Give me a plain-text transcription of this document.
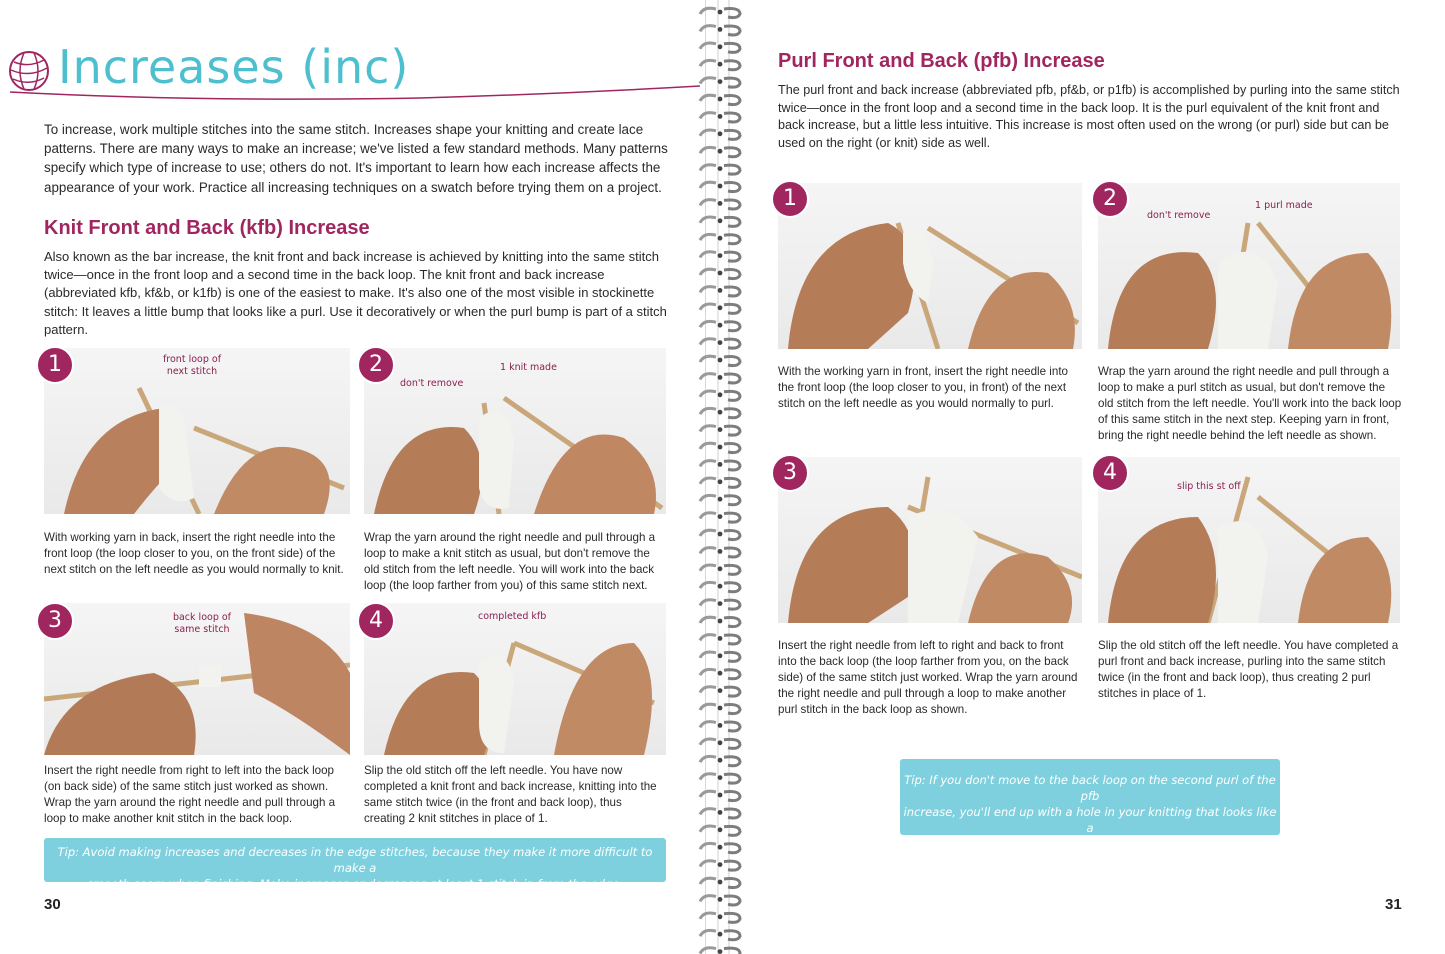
Increases (inc)

To increase, work multiple stitches into the same stitch. Increases shape your knitting and create lace patterns. There are many ways to make an increase; we've listed a few standard methods. Many patterns specify which type of increase to use; others do not. It's important to learn how each increase affects the appearance of your work. Practice all increasing techniques on a swatch before trying them on a project.

Knit Front and Back (kfb) Increase

Also known as the bar increase, the knit front and back increase is achieved by knitting into the same stitch twice—once in the front loop and a second time in the back loop. The knit front and back increase (abbreviated kfb, kf&b, or k1fb) is one of the easiest to make. It's also one of the most visible in stockinette stitch: It leaves a little bump that looks like a purl. Use it decoratively or when the purl bump is part of a stitch pattern.

1	front loop of next stitch

With working yarn in back, insert the right needle into the front loop (the loop closer to you, on the front side) of the next stitch on the left needle as you would normally to knit.

2
don't remove
1 knit made

Wrap the yarn around the right needle and pull through a loop to make a knit stitch as usual, but don't remove the old stitch from the left needle. You will work into the back loop (the loop farther from you) of this same stitch next.

3	back loop of same stitch

Insert the right needle from right to left into the back loop (on back side) of the same stitch just worked as shown. Wrap the yarn around the right needle and pull through a loop to make another knit stitch in the back loop.

4	completed kfb

Slip the old stitch off the left needle. You have now completed a knit front and back increase, knitting into the same stitch twice (in the front and back loop), thus creating 2 knit stitches in place of 1.

Tip: Avoid making increases and decreases in the edge stitches, because they make it more difficult to make a
smooth seam when finishing. Make increases or decreases at least 1 stitch in from the edge.
30
Purl Front and Back (pfb) Increase

The purl front and back increase (abbreviated pfb, pf&b, or p1fb) is accomplished by purling into the same stitch twice—once in the front loop and a second time in the back loop. It is the purl equivalent of the knit front and back increase, but a little less intuitive. This increase is most often used on the wrong (or purl) side but can be used on the right (or knit) side as well.

1

With the working yarn in front, insert the right needle into the front loop (the loop closer to you, in front) of the next stitch on the left needle as you would normally to purl.

2
don't remove
1 purl made

Wrap the yarn around the right needle and pull through a loop to make a purl stitch as usual, but don't remove the old stitch from the left needle. You'll work into the back loop of this same stitch in the next step. Keeping yarn in front, bring the right needle behind the left needle as shown.

3

Insert the right needle from left to right and back to front into the back loop (the loop farther from you, on the back side) of the same stitch just worked. Wrap the yarn around the right needle and pull through a loop to make another purl stitch in the back loop as shown.

4
slip this st off

Slip the old stitch off the left needle. You have completed a purl front and back increase, purling into the same stitch twice (in the front and back loop), thus creating 2 purl stitches in place of 1.

Tip: If you don't move to the back loop on the second purl of the pfb
increase, you'll end up with a hole in your knitting that looks like a
yarn over increase.
31
